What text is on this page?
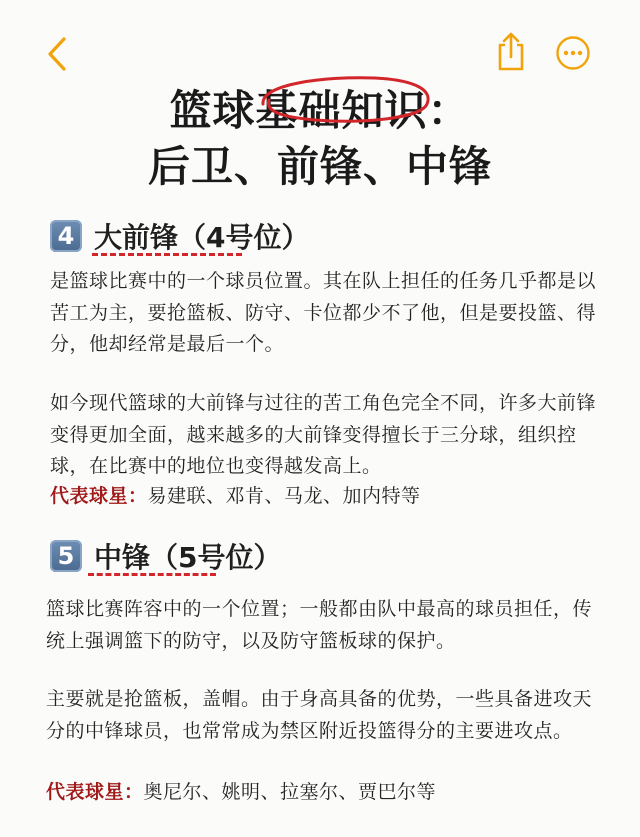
篮球基础知识：
后卫、前锋、中锋
4 大前锋（4号位）
是篮球比赛中的一个球员位置。其在队上担任的任务几乎都是以苦工为主，要抢篮板、防守、卡位都少不了他，但是要投篮、得分，他却经常是最后一个。
如今现代篮球的大前锋与过往的苦工角色完全不同，许多大前锋变得更加全面，越来越多的大前锋变得擅长于三分球，组织控球，在比赛中的地位也变得越发高上。
代表球星：易建联、邓肯、马龙、加内特等
5 中锋（5号位）
篮球比赛阵容中的一个位置；一般都由队中最高的球员担任，传统上强调篮下的防守，以及防守篮板球的保护。
主要就是抢篮板，盖帽。由于身高具备的优势，一些具备进攻天分的中锋球员，也常常成为禁区附近投篮得分的主要进攻点。
代表球星：奥尼尔、姚明、拉塞尔、贾巴尔等
